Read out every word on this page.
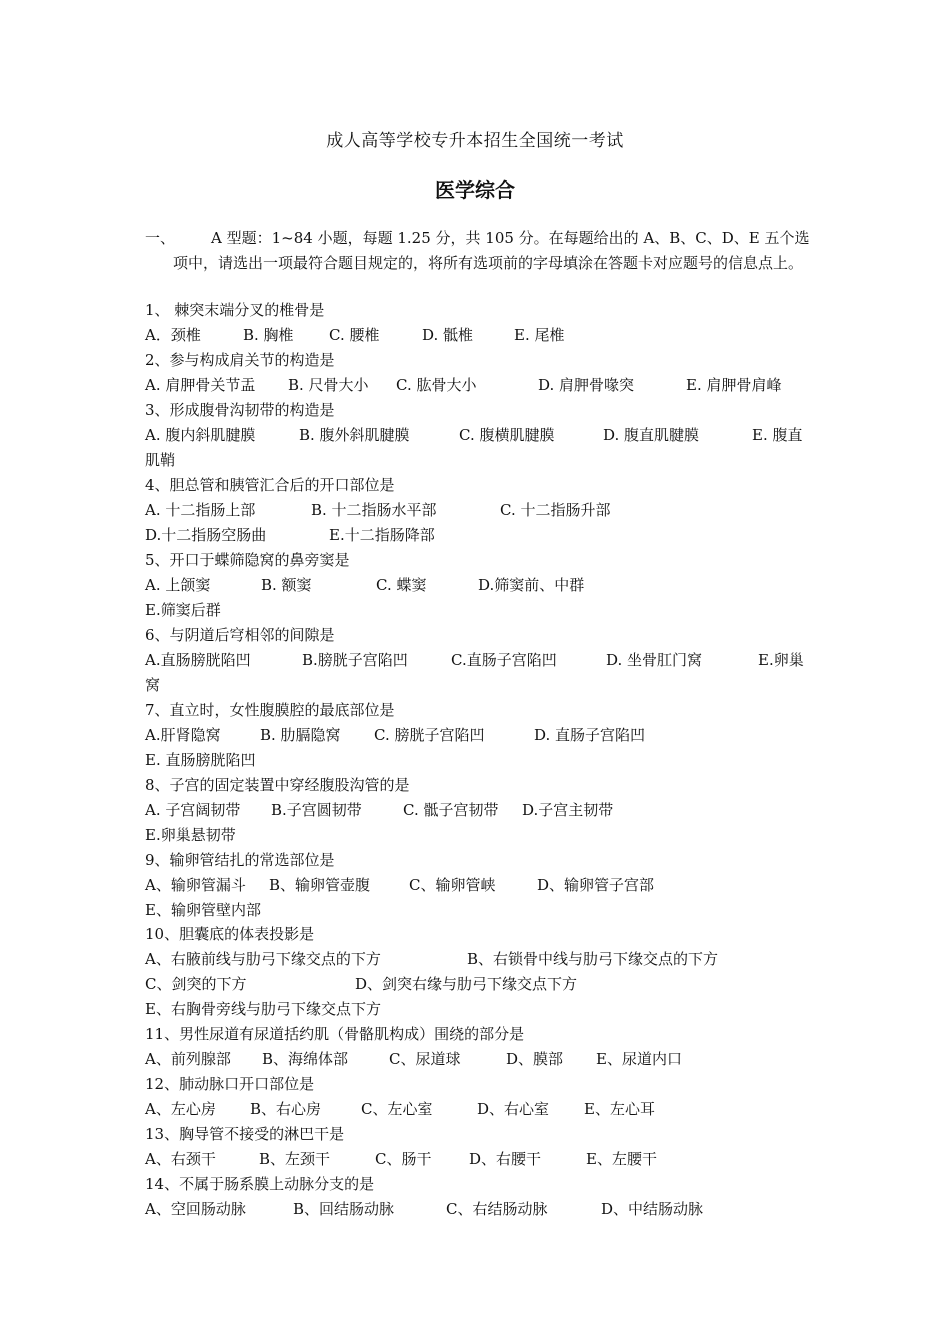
成人高等学校专升本招生全国统一考试
医学综合
一、	A 型题：1~84 小题，每题 1.25 分，共 105 分。在每题给出的 A、B、C、D、E 五个选项中，请选出一项最符合题目规定的，将所有选项前的字母填涂在答题卡对应题号的信息点上。
1、 棘突末端分叉的椎骨是
A．颈椎	B. 胸椎 C. 腰椎	D. 骶椎	E. 尾椎
2、参与构成肩关节的构造是
A. 肩胛骨关节盂 B. 尺骨大小 C. 肱骨大小	D. 肩胛骨喙突	E. 肩胛骨肩峰
3、形成腹骨沟韧带的构造是
A. 腹内斜肌腱膜	B. 腹外斜肌腱膜	C. 腹横肌腱膜	D. 腹直肌腱膜	E. 腹直
肌鞘
4、胆总管和胰管汇合后的开口部位是
A. 十二指肠上部	B. 十二指肠水平部	C. 十二指肠升部
D.十二指肠空肠曲	E.十二指肠降部
5、开口于蝶筛隐窝的鼻旁窦是
A. 上颌窦	B. 额窦	C. 蝶窦	D.筛窦前、中群
E.筛窦后群
6、与阴道后穹相邻的间隙是
A.直肠膀胱陷凹	B.膀胱子宫陷凹	C.直肠子宫陷凹	D. 坐骨肛门窝	E.卵巢
窝
7、直立时，女性腹膜腔的最底部位是
A.肝肾隐窝	B. 肋膈隐窝 C. 膀胱子宫陷凹	D. 直肠子宫陷凹
E. 直肠膀胱陷凹
8、子宫的固定装置中穿经腹股沟管的是
A. 子宫阔韧带 B.子宫圆韧带	C. 骶子宫韧带 D.子宫主韧带
E.卵巢悬韧带
9、输卵管结扎的常选部位是
A、输卵管漏斗 B、输卵管壶腹	C、输卵管峡	D、输卵管子宫部
E、输卵管壁内部
10、胆囊底的体表投影是
A、右腋前线与肋弓下缘交点的下方	B、右锁骨中线与肋弓下缘交点的下方
C、剑突的下方	D、剑突右缘与肋弓下缘交点下方
E、右胸骨旁线与肋弓下缘交点下方
11、男性尿道有尿道括约肌（骨骼肌构成）围绕的部分是
A、前列腺部 B、海绵体部	C、尿道球	D、膜部 E、尿道内口
12、肺动脉口开口部位是
A、左心房 B、右心房	C、左心室	D、右心室 E、左心耳
13、胸导管不接受的淋巴干是
A、右颈干	B、左颈干	C、肠干	D、右腰干	E、左腰干
14、不属于肠系膜上动脉分支的是
A、空回肠动脉	B、回结肠动脉	C、右结肠动脉	D、中结肠动脉
